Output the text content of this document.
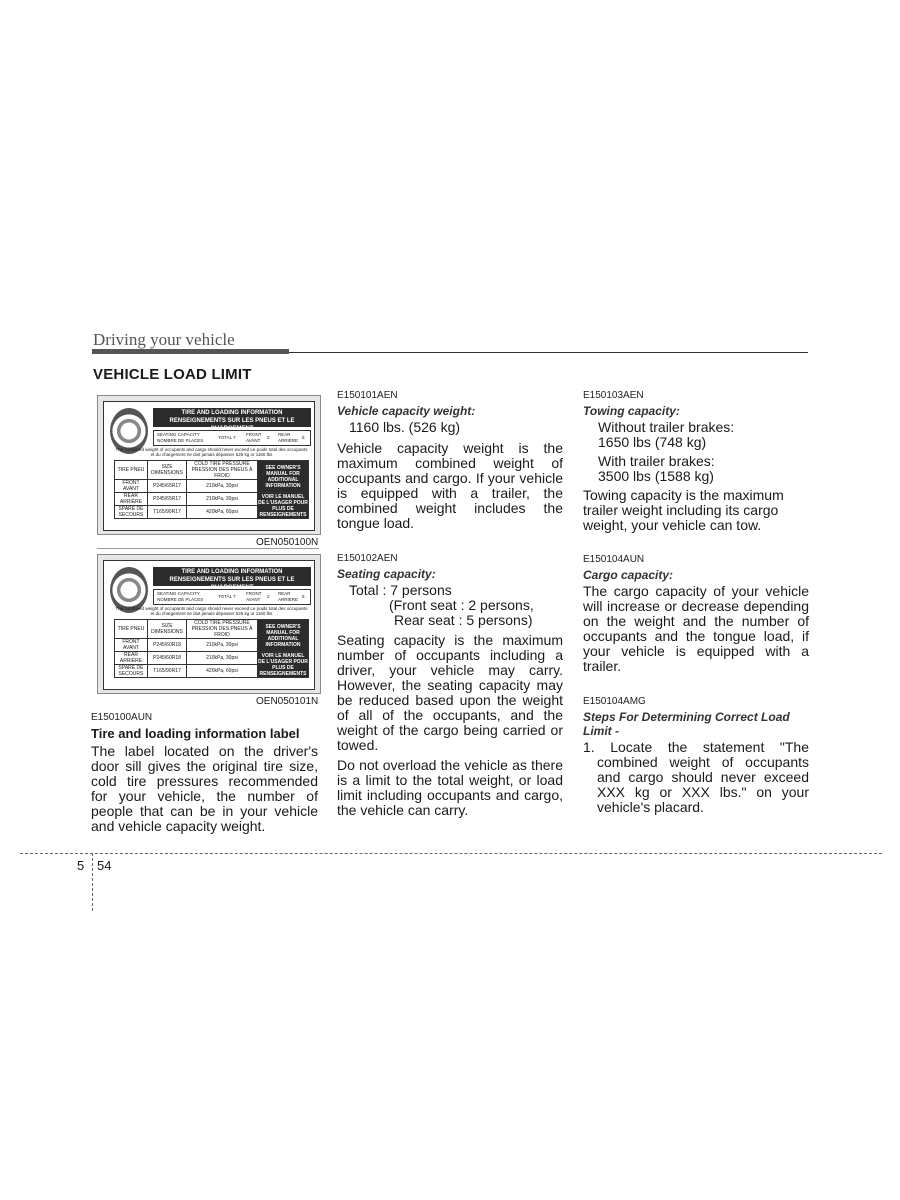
Driving your vehicle
VEHICLE LOAD LIMIT
TIRE AND LOADING INFORMATION
RENSEIGNEMENTS SUR LES PNEUS ET LE CHARGEMENT
SEATING CAPACITY
NOMBRE DE PLACES
TOTAL 7
FRONT AVANT
2
REAR ARRIÈRE
5
The combined weight of occupants and cargo should never exceed Le poids total des occupants et du chargement ne doit jamais dépasser 526 kg or 1160 lbs
TIRE PNEU	SIZE DIMENSIONS	COLD TIRE PRESSURE PRESSION DES PNEUS À FROID	SEE OWNER'S MANUAL FOR ADDITIONAL INFORMATION
FRONT AVANT	P245/65R17	210kPa, 30psi	
REAR ARRIÈRE	P245/65R17	210kPa, 30psi	VOIR LE MANUEL DE L'USAGER POUR PLUS DE RENSEIGNEMENTS
SPARE DE SECOURS	T165/90R17	420kPa, 60psi	
OEN050100N
TIRE AND LOADING INFORMATION
RENSEIGNEMENTS SUR LES PNEUS ET LE CHARGEMENT
SEATING CAPACITY
NOMBRE DE PLACES
TOTAL 7
FRONT AVANT
2
REAR ARRIÈRE
5
The combined weight of occupants and cargo should never exceed Le poids total des occupants et du chargement ne doit jamais dépasser 526 kg or 1160 lbs
TIRE PNEU	SIZE DIMENSIONS	COLD TIRE PRESSURE PRESSION DES PNEUS À FROID	SEE OWNER'S MANUAL FOR ADDITIONAL INFORMATION
FRONT AVANT	P245/60R18	210kPa, 30psi	
REAR ARRIÈRE	P245/60R18	210kPa, 30psi	VOIR LE MANUEL DE L'USAGER POUR PLUS DE RENSEIGNEMENTS
SPARE DE SECOURS	T165/90R17	420kPa, 60psi	
OEN050101N
E150100AUN
Tire and loading information label
The label located on the driver's door sill gives the original tire size, cold tire pressures recommended for your vehicle, the number of people that can be in your vehicle and vehicle capacity weight.
E150101AEN
Vehicle capacity weight:
1160 lbs. (526 kg)
Vehicle capacity weight is the maximum combined weight of occupants and cargo. If your vehicle is equipped with a trailer, the combined weight includes the tongue load.
E150102AEN
Seating capacity:
Total : 7 persons
(Front seat : 2 persons,
Rear seat : 5 persons)
Seating capacity is the maximum number of occupants including a driver, your vehicle may carry. However, the seating capacity may be reduced based upon the weight of all of the occupants, and the weight of the cargo being carried or towed.
Do not overload the vehicle as there is a limit to the total weight, or load limit including occupants and cargo, the vehicle can carry.
E150103AEN
Towing capacity:
Without trailer brakes:
1650 lbs (748 kg)
With trailer brakes:
3500 lbs (1588 kg)
Towing capacity is the maximum trailer weight including its cargo weight, your vehicle can tow.
E150104AUN
Cargo capacity:
The cargo capacity of your vehicle will increase or decrease depending on the weight and the number of occupants and the tongue load, if your vehicle is equipped with a trailer.
E150104AMG
Steps For Determining Correct Load Limit -
1. Locate the statement "The combined weight of occupants and cargo should never exceed XXX kg or XXX lbs." on your vehicle's placard.
5 54
